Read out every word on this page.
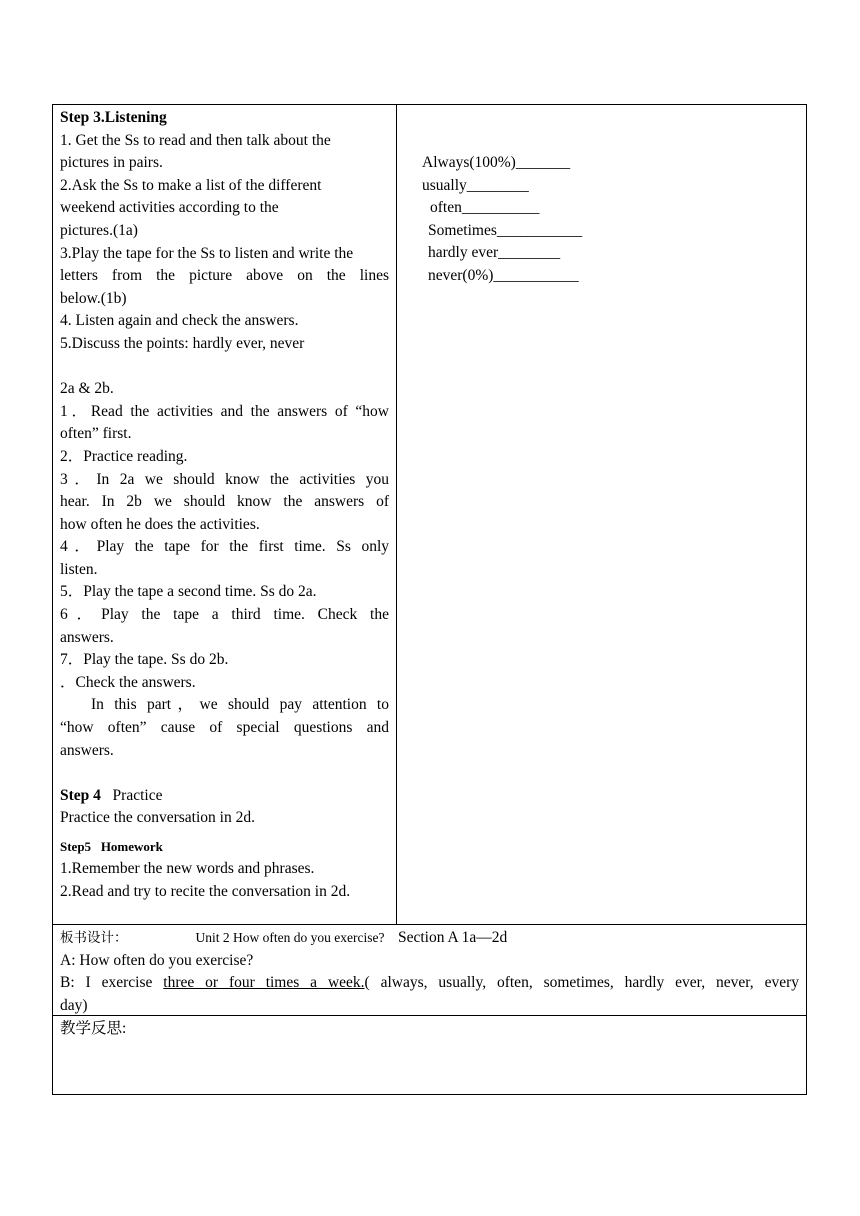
Step 3.Listening

1. Get the Ss to read and then talk about the

pictures in pairs.

2.Ask the Ss to make a list of the different

weekend activities according to the

pictures.(1a)

3.Play the tape for the Ss to listen and write the

letters from the picture above on the lines

below.(1b)

4. Listen again and check the answers.

5.Discuss the points: hardly ever, never

2a & 2b.

1．Read the activities and the answers of “how

often” first.

2．Practice reading.

3．In 2a we should know the activities you

hear. In 2b we should know the answers of

how often he does the activities.

4．Play the tape for the first time. Ss only

listen.

5．Play the tape a second time. Ss do 2a.

6．Play the tape a third time. Check the

answers.

7．Play the tape. Ss do 2b.

．Check the answers.

In this part，we should pay attention to

“how often” cause of special questions and

answers.

Step 4 Practice

Practice the conversation in 2d.

Step5 Homework

1.Remember the new words and phrases.

2.Read and try to recite the conversation in 2d.

Always(100%)_______
usually________
often__________
Sometimes___________
hardly ever________
never(0%)___________

板书设计：	Unit 2 How often do you exercise? Section A 1a—2d

A: How often do you exercise?

B: I exercise three or four times a week.( always, usually, often, sometimes, hardly ever, never, every

day)

教学反思:
